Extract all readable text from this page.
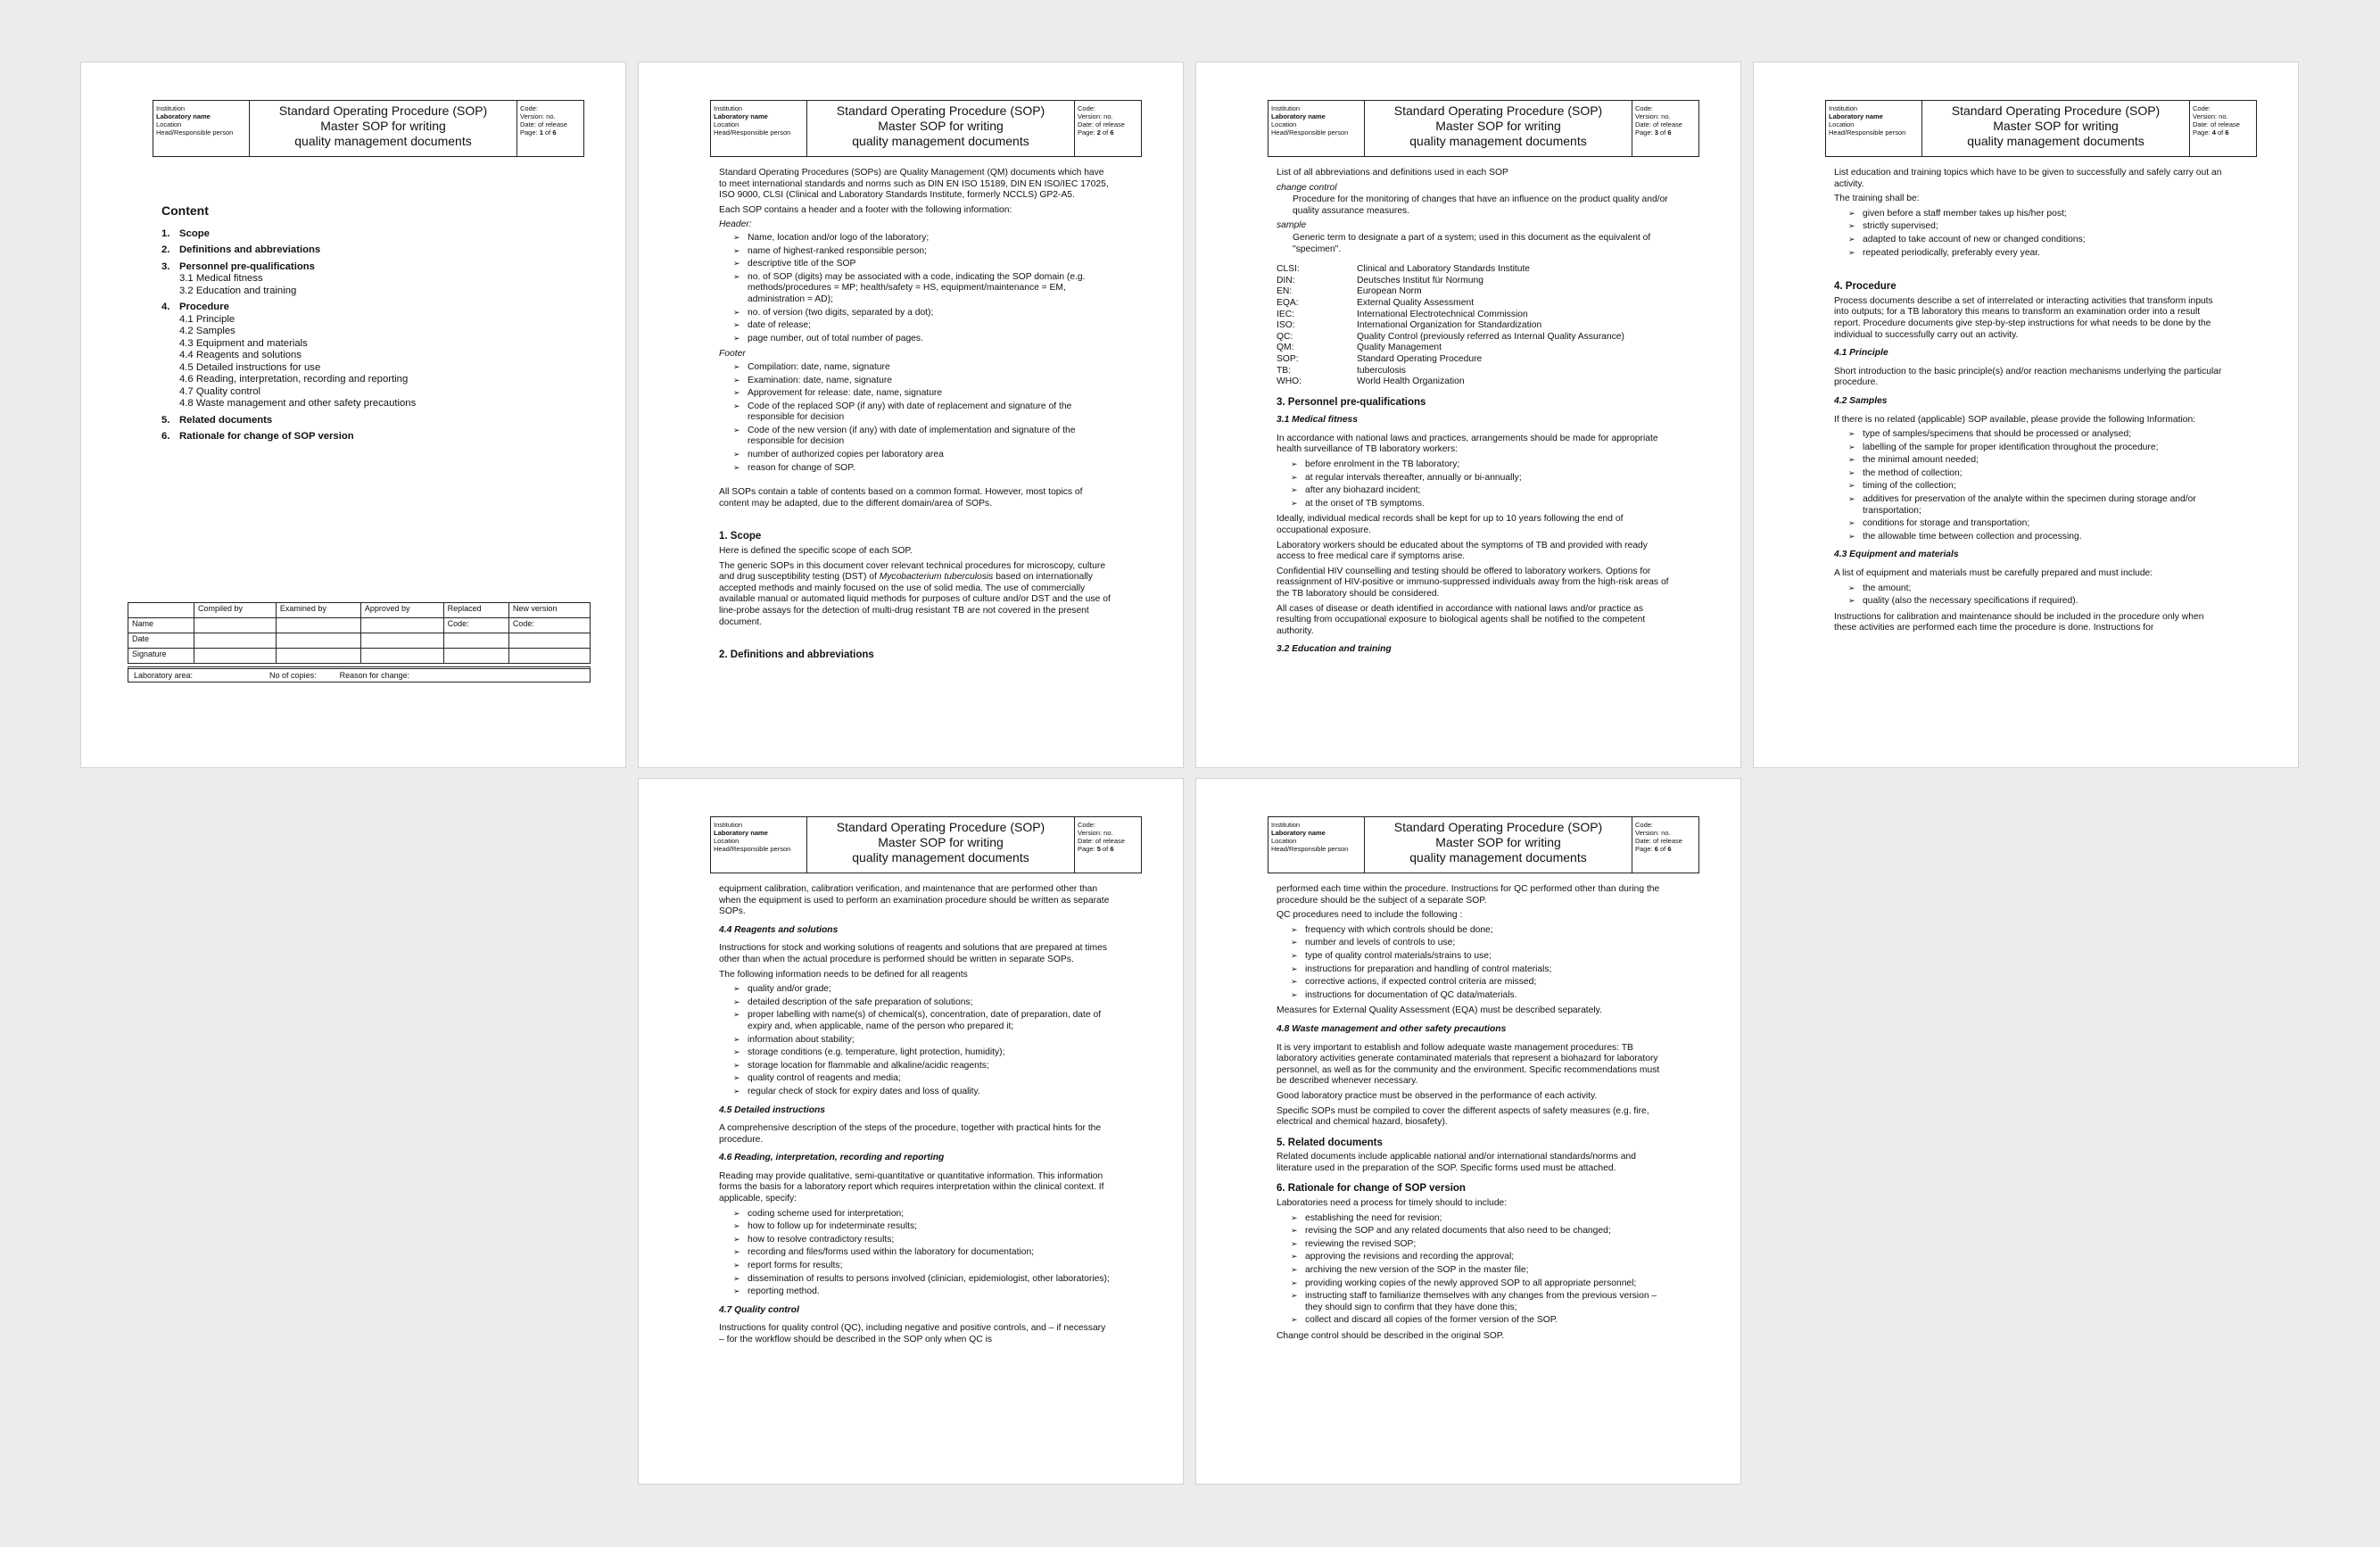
Institution
Laboratory name
Location
Head/Responsible person
Standard Operating Procedure (SOP)
Master SOP for writing
quality management documents
Code:
Version: no.
Date: of release
Page: 1 of 6
Content
1. Scope
2. Definitions and abbreviations
3. Personnel pre-qualifications
3.1 Medical fitness
3.2 Education and training
4. Procedure
4.1 Principle
4.2 Samples
4.3 Equipment and materials
4.4 Reagents and solutions
4.5 Detailed instructions for use
4.6 Reading, interpretation, recording and reporting
4.7 Quality control
4.8 Waste management and other safety precautions
5. Related documents
6. Rationale for change of SOP version
	Compiled by	Examined by	Approved by	Replaced	New version
Name				Code:	Code:
Date					
Signature					
Laboratory area:	No of copies:	Reason for change:
Institution
Laboratory name
Location
Head/Responsible person
Standard Operating Procedure (SOP)
Master SOP for writing
quality management documents
Code:
Version: no.
Date: of release
Page: 2 of 6

Standard Operating Procedures (SOPs) are Quality Management (QM) documents which have to meet international standards and norms such as DIN EN ISO 15189, DIN EN ISO/IEC 17025, ISO 9000, CLSI (Clinical and Laboratory Standards Institute, formerly NCCLS) GP2-A5.

Each SOP contains a header and a footer with the following information:

Header:

➢ Name, location and/or logo of the laboratory;
➢ name of highest-ranked responsible person;
➢ descriptive title of the SOP
➢ no. of SOP (digits) may be associated with a code, indicating the SOP domain (e.g. methods/procedures = MP; health/safety = HS, equipment/maintenance = EM, administration = AD);
➢ no. of version (two digits, separated by a dot);
➢ date of release;
➢ page number, out of total number of pages.

Footer

➢ Compilation: date, name, signature
➢ Examination: date, name, signature
➢ Approvement for release: date, name, signature
➢ Code of the replaced SOP (if any) with date of replacement and signature of the responsible for decision
➢ Code of the new version (if any) with date of implementation and signature of the responsible for decision
➢ number of authorized copies per laboratory area
➢ reason for change of SOP.

All SOPs contain a table of contents based on a common format. However, most topics of content may be adapted, due to the different domain/area of SOPs.

1. Scope

Here is defined the specific scope of each SOP.

The generic SOPs in this document cover relevant technical procedures for microscopy, culture and drug susceptibility testing (DST) of Mycobacterium tuberculosis based on internationally accepted methods and mainly focused on the use of solid media. The use of commercially available manual or automated liquid methods for purposes of culture and/or DST and the use of line-probe assays for the detection of multi-drug resistant TB are not covered in the present document.

2. Definitions and abbreviations
Institution
Laboratory name
Location
Head/Responsible person
Standard Operating Procedure (SOP)
Master SOP for writing
quality management documents
Code:
Version: no.
Date: of release
Page: 3 of 6

List of all abbreviations and definitions used in each SOP

change control

Procedure for the monitoring of changes that have an influence on the product quality and/or quality assurance measures.

sample

Generic term to designate a part of a system; used in this document as the equivalent of "specimen".

CLSI:	Clinical and Laboratory Standards Institute
DIN:	Deutsches Institut für Normung
EN:	European Norm
EQA:	External Quality Assessment
IEC:	International Electrotechnical Commission
ISO:	International Organization for Standardization
QC:	Quality Control (previously referred as Internal Quality Assurance)
QM:	Quality Management
SOP:	Standard Operating Procedure
TB:	tuberculosis
WHO:	World Health Organization
3. Personnel pre-qualifications
3.1 Medical fitness

In accordance with national laws and practices, arrangements should be made for appropriate health surveillance of TB laboratory workers:

➢ before enrolment in the TB laboratory;
➢ at regular intervals thereafter, annually or bi-annually;
➢ after any biohazard incident;
➢ at the onset of TB symptoms.

Ideally, individual medical records shall be kept for up to 10 years following the end of occupational exposure.

Laboratory workers should be educated about the symptoms of TB and provided with ready access to free medical care if symptoms arise.

Confidential HIV counselling and testing should be offered to laboratory workers. Options for reassignment of HIV-positive or immuno-suppressed individuals away from the high-risk areas of the TB laboratory should be considered.

All cases of disease or death identified in accordance with national laws and/or practice as resulting from occupational exposure to biological agents shall be notified to the competent authority.

3.2 Education and training
Institution
Laboratory name
Location
Head/Responsible person
Standard Operating Procedure (SOP)
Master SOP for writing
quality management documents
Code:
Version: no.
Date: of release
Page: 4 of 6

List education and training topics which have to be given to successfully and safely carry out an activity.

The training shall be:

➢ given before a staff member takes up his/her post;
➢ strictly supervised;
➢ adapted to take account of new or changed conditions;
➢ repeated periodically, preferably every year.
4. Procedure

Process documents describe a set of interrelated or interacting activities that transform inputs into outputs; for a TB laboratory this means to transform an examination order into a result report. Procedure documents give step-by-step instructions for what needs to be done by the individual to successfully carry out an activity.

4.1 Principle

Short introduction to the basic principle(s) and/or reaction mechanisms underlying the particular procedure.

4.2 Samples

If there is no related (applicable) SOP available, please provide the following Information:

➢ type of samples/specimens that should be processed or analysed;
➢ labelling of the sample for proper identification throughout the procedure;
➢ the minimal amount needed;
➢ the method of collection;
➢ timing of the collection;
➢ additives for preservation of the analyte within the specimen during storage and/or transportation;
➢ conditions for storage and transportation;
➢ the allowable time between collection and processing.
4.3 Equipment and materials

A list of equipment and materials must be carefully prepared and must include:

➢ the amount;
➢ quality (also the necessary specifications if required).

Instructions for calibration and maintenance should be included in the procedure only when these activities are performed each time the procedure is done. Instructions for

Institution
Laboratory name
Location
Head/Responsible person
Standard Operating Procedure (SOP)
Master SOP for writing
quality management documents
Code:
Version: no.
Date: of release
Page: 5 of 6

equipment calibration, calibration verification, and maintenance that are performed other than when the equipment is used to perform an examination procedure should be written as separate SOPs.

4.4 Reagents and solutions

Instructions for stock and working solutions of reagents and solutions that are prepared at times other than when the actual procedure is performed should be written in separate SOPs.

The following information needs to be defined for all reagents

➢ quality and/or grade;
➢ detailed description of the safe preparation of solutions;
➢ proper labelling with name(s) of chemical(s), concentration, date of preparation, date of expiry and, when applicable, name of the person who prepared it;
➢ information about stability;
➢ storage conditions (e.g. temperature, light protection, humidity);
➢ storage location for flammable and alkaline/acidic reagents;
➢ quality control of reagents and media;
➢ regular check of stock for expiry dates and loss of quality.
4.5 Detailed instructions

A comprehensive description of the steps of the procedure, together with practical hints for the procedure.

4.6 Reading, interpretation, recording and reporting

Reading may provide qualitative, semi-quantitative or quantitative information. This information forms the basis for a laboratory report which requires interpretation within the clinical context. If applicable, specify:

➢ coding scheme used for interpretation;
➢ how to follow up for indeterminate results;
➢ how to resolve contradictory results;
➢ recording and files/forms used within the laboratory for documentation;
➢ report forms for results;
➢ dissemination of results to persons involved (clinician, epidemiologist, other laboratories);
➢ reporting method.
4.7 Quality control

Instructions for quality control (QC), including negative and positive controls, and – if necessary – for the workflow should be described in the SOP only when QC is

Institution
Laboratory name
Location
Head/Responsible person
Standard Operating Procedure (SOP)
Master SOP for writing
quality management documents
Code:
Version: no.
Date: of release
Page: 6 of 6

performed each time within the procedure. Instructions for QC performed other than during the procedure should be the subject of a separate SOP.

QC procedures need to include the following :

➢ frequency with which controls should be done;
➢ number and levels of controls to use;
➢ type of quality control materials/strains to use;
➢ instructions for preparation and handling of control materials;
➢ corrective actions, if expected control criteria are missed;
➢ instructions for documentation of QC data/materials.

Measures for External Quality Assessment (EQA) must be described separately.

4.8 Waste management and other safety precautions

It is very important to establish and follow adequate waste management procedures: TB laboratory activities generate contaminated materials that represent a biohazard for laboratory personnel, as well as for the community and the environment. Specific recommendations must be described whenever necessary.

Good laboratory practice must be observed in the performance of each activity.

Specific SOPs must be compiled to cover the different aspects of safety measures (e.g. fire, electrical and chemical hazard, biosafety).

5. Related documents

Related documents include applicable national and/or international standards/norms and literature used in the preparation of the SOP. Specific forms used must be attached.

6. Rationale for change of SOP version

Laboratories need a process for timely should to include:

➢ establishing the need for revision;
➢ revising the SOP and any related documents that also need to be changed;
➢ reviewing the revised SOP;
➢ approving the revisions and recording the approval;
➢ archiving the new version of the SOP in the master file;
➢ providing working copies of the newly approved SOP to all appropriate personnel;
➢ instructing staff to familiarize themselves with any changes from the previous version – they should sign to confirm that they have done this;
➢ collect and discard all copies of the former version of the SOP.

Change control should be described in the original SOP.
